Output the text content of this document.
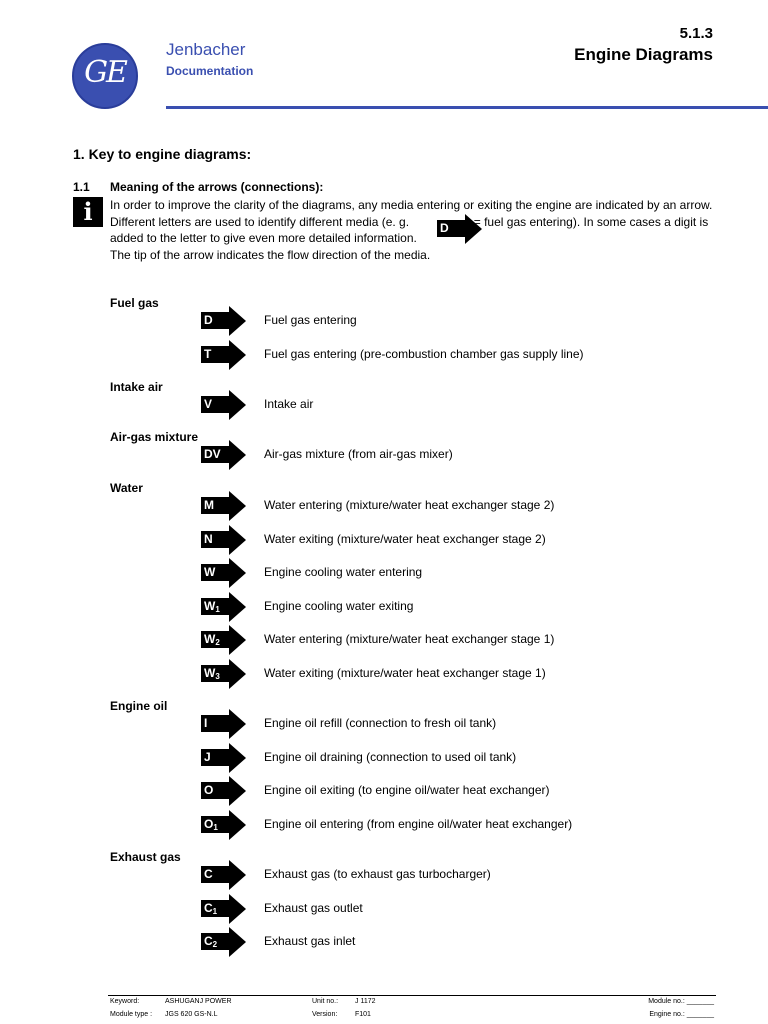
GE
Jenbacher
Documentation
5.1.3
Engine Diagrams
1. Key to engine diagrams:
1.1 Meaning of the arrows (connections):
i	In order to improve the clarity of the diagrams, any media entering or exiting the engine are indicated by an arrow.

Different letters are used to identify different media (e. g.	= fuel gas entering). In some cases a digit is added to the letter to give even more detailed information.

The tip of the arrow indicates the flow direction of the media.

D
Fuel gas
D	Fuel gas entering
T	Fuel gas entering (pre-combustion chamber gas supply line)
Intake air
V	Intake air
Air-gas mixture
DV	Air-gas mixture (from air-gas mixer)
Water
M	Water entering (mixture/water heat exchanger stage 2)
N	Water exiting (mixture/water heat exchanger stage 2)
W	Engine cooling water entering
$W_1$	Engine cooling water exiting
$W_2$	Water entering (mixture/water heat exchanger stage 1)
$W_3$	Water exiting (mixture/water heat exchanger stage 1)
Engine oil
I	Engine oil refill (connection to fresh oil tank)
J	Engine oil draining (connection to used oil tank)
O	Engine oil exiting (to engine oil/water heat exchanger)
$O_1$	Engine oil entering (from engine oil/water heat exchanger)
Exhaust gas
C	Exhaust gas (to exhaust gas turbocharger)
$C_1$	Exhaust gas outlet
$C_2$	Exhaust gas inlet
Keyword:	ASHUGANJ POWER	Unit no.: J 1172	Module no.: _______
Module type : JGS 620 GS-N.L	Version:	F101	Engine no.: _______
